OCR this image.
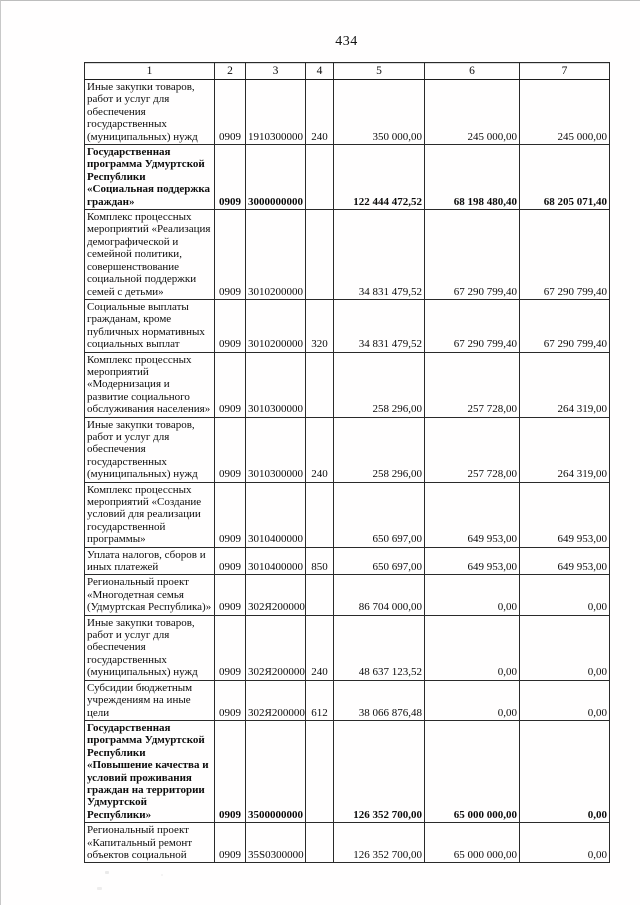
434
1	2	3	4	5	6	7
Иные закупки товаров, работ и услуг для обеспечения государственных (муниципальных) нужд	0909	1910300000	240	350 000,00	245 000,00	245 000,00
Государственная программа Удмуртской Республики «Социальная поддержка граждан»	0909	3000000000		122 444 472,52	68 198 480,40	68 205 071,40
Комплекс процессных мероприятий «Реализация демографической и семейной политики, совершенствование социальной поддержки семей с детьми»	0909	3010200000		34 831 479,52	67 290 799,40	67 290 799,40
Социальные выплаты гражданам, кроме публичных нормативных социальных выплат	0909	3010200000	320	34 831 479,52	67 290 799,40	67 290 799,40
Комплекс процессных мероприятий «Модернизация и развитие социального обслуживания населения»	0909	3010300000		258 296,00	257 728,00	264 319,00
Иные закупки товаров, работ и услуг для обеспечения государственных (муниципальных) нужд	0909	3010300000	240	258 296,00	257 728,00	264 319,00
Комплекс процессных мероприятий «Создание условий для реализации государственной программы»	0909	3010400000		650 697,00	649 953,00	649 953,00
Уплата налогов, сборов и иных платежей	0909	3010400000	850	650 697,00	649 953,00	649 953,00
Региональный проект «Многодетная семья (Удмуртская Республика)»	0909	302Я200000		86 704 000,00	0,00	0,00
Иные закупки товаров, работ и услуг для обеспечения государственных (муниципальных) нужд	0909	302Я200000	240	48 637 123,52	0,00	0,00
Субсидии бюджетным учреждениям на иные цели	0909	302Я200000	612	38 066 876,48	0,00	0,00
Государственная программа Удмуртской Республики «Повышение качества и условий проживания граждан на территории Удмуртской Республики»	0909	3500000000		126 352 700,00	65 000 000,00	0,00
Региональный проект «Капитальный ремонт объектов социальной	0909	35S0300000		126 352 700,00	65 000 000,00	0,00
